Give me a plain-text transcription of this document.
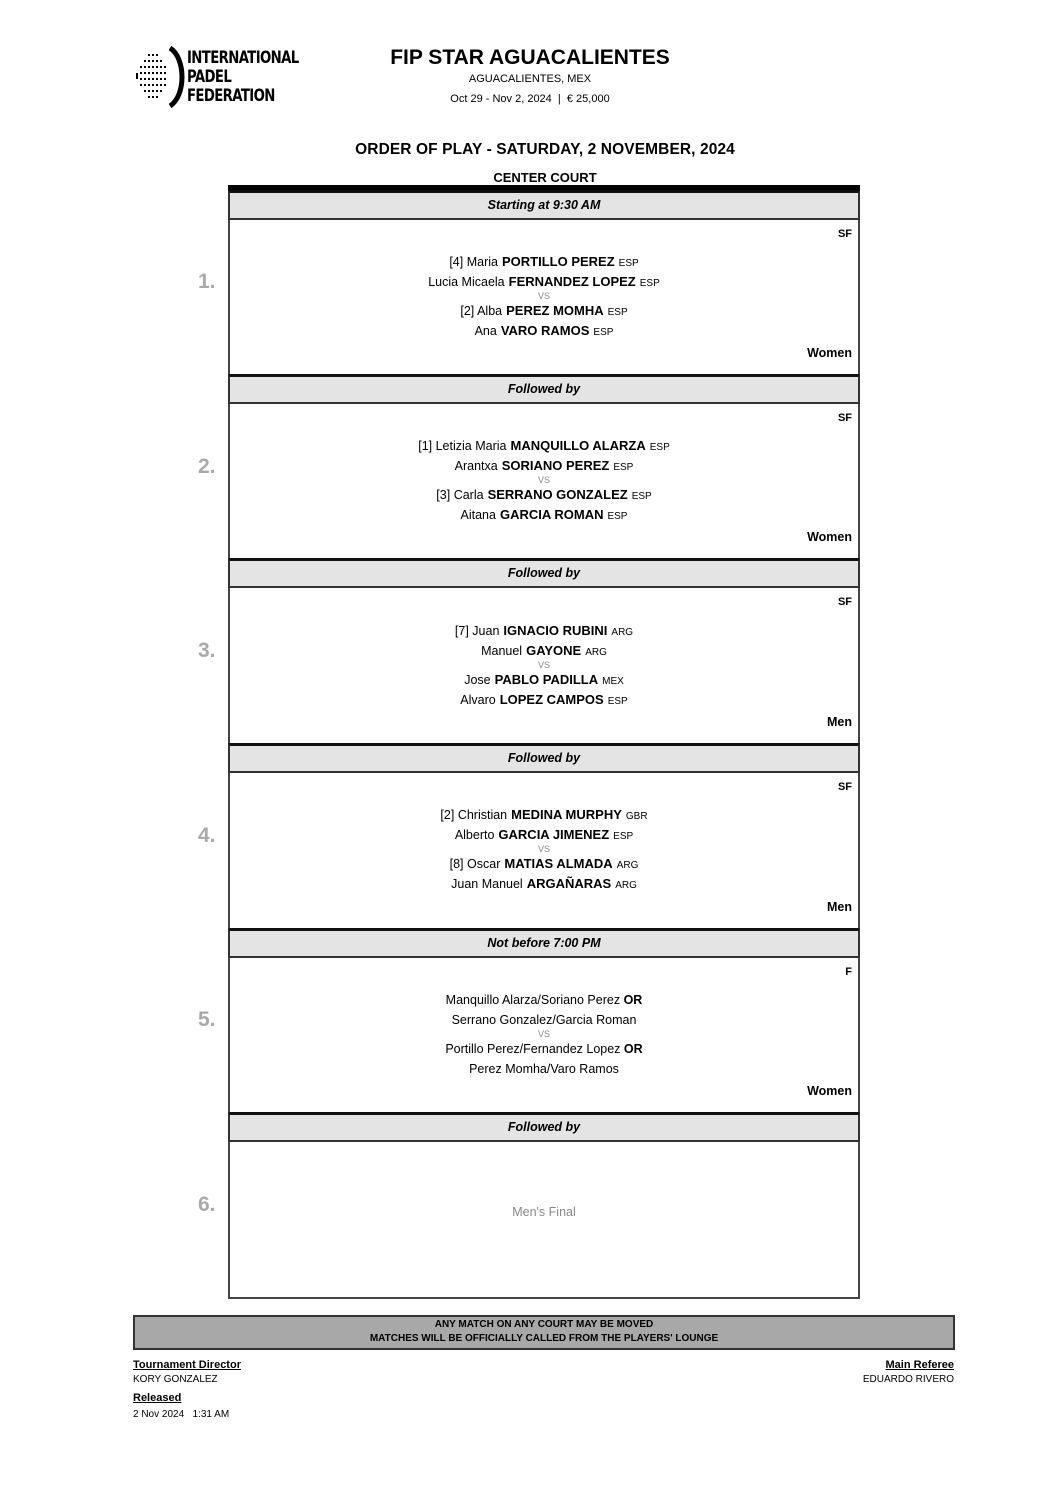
INTERNATIONAL
PADEL
FEDERATION
FIP STAR AGUACALIENTES
AGUACALIENTES, MEX
Oct 29 - Nov 2, 2024  |  € 25,000
ORDER OF PLAY - SATURDAY, 2 NOVEMBER, 2024
CENTER COURT
Starting at 9:30 AM
1.
SF
[4] Maria PORTILLO PEREZ ESP
Lucia Micaela FERNANDEZ LOPEZ ESP
VS
[2] Alba PEREZ MOMHA ESP
Ana VARO RAMOS ESP
Women
Followed by
2.
SF
[1] Letizia Maria MANQUILLO ALARZA ESP
Arantxa SORIANO PEREZ ESP
VS
[3] Carla SERRANO GONZALEZ ESP
Aitana GARCIA ROMAN ESP
Women
Followed by
3.
SF
[7] Juan IGNACIO RUBINI ARG
Manuel GAYONE ARG
VS
Jose PABLO PADILLA MEX
Alvaro LOPEZ CAMPOS ESP
Men
Followed by
4.
SF
[2] Christian MEDINA MURPHY GBR
Alberto GARCIA JIMENEZ ESP
VS
[8] Oscar MATIAS ALMADA ARG
Juan Manuel ARGAÑARAS ARG
Men
Not before 7:00 PM
5.
F
Manquillo Alarza/Soriano Perez OR
Serrano Gonzalez/Garcia Roman
VS
Portillo Perez/Fernandez Lopez OR
Perez Momha/Varo Ramos
Women
Followed by
6.	Men's Final
ANY MATCH ON ANY COURT MAY BE MOVED
MATCHES WILL BE OFFICIALLY CALLED FROM THE PLAYERS' LOUNGE
Tournament Director
KORY GONZALEZ
Released
2 Nov 2024   1:31 AM
Main Referee
EDUARDO RIVERO
